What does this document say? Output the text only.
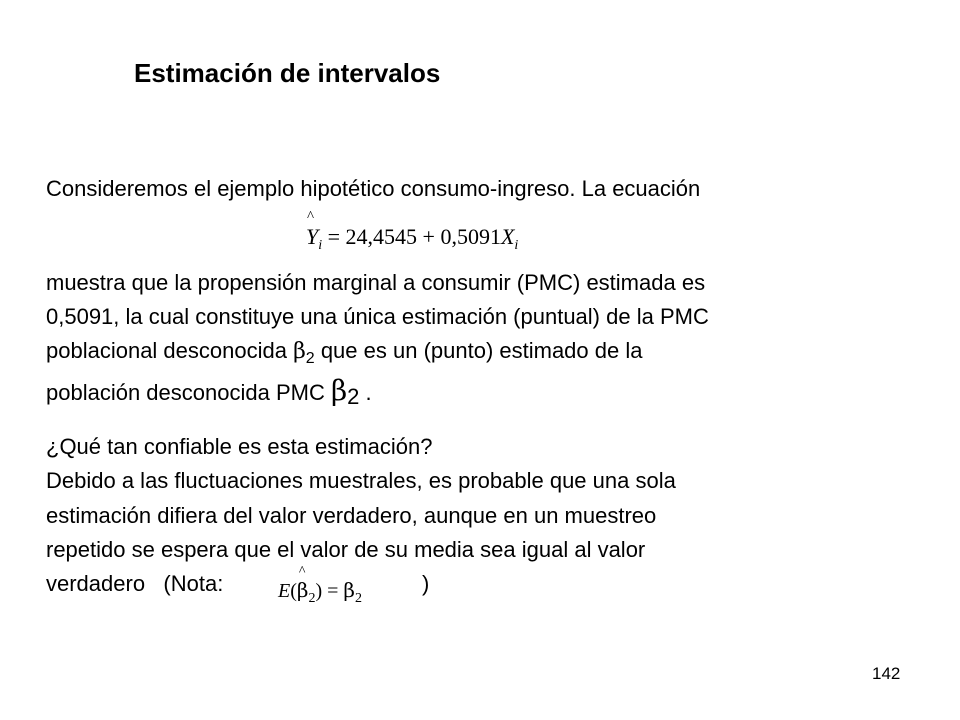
Estimación de intervalos
Consideremos el ejemplo hipotético consumo-ingreso. La ecuación
^
$Y_i = 24,4545 + 0,5091X_i$
muestra que la propensión marginal a consumir (PMC) estimada es
0,5091, la cual constituye una única estimación (puntual) de la PMC
poblacional desconocida $\beta_2$ que es un (punto) estimado de la
población desconocida PMC β2 .
¿Qué tan confiable es esta estimación?
Debido a las fluctuaciones muestrales, es probable que una sola
estimación difiera del valor verdadero, aunque en un muestreo
repetido se espera que el valor de su media sea igual al valor
verdadero   (Nota:	)
E(
^
$\beta_2) = \beta_2$
142
